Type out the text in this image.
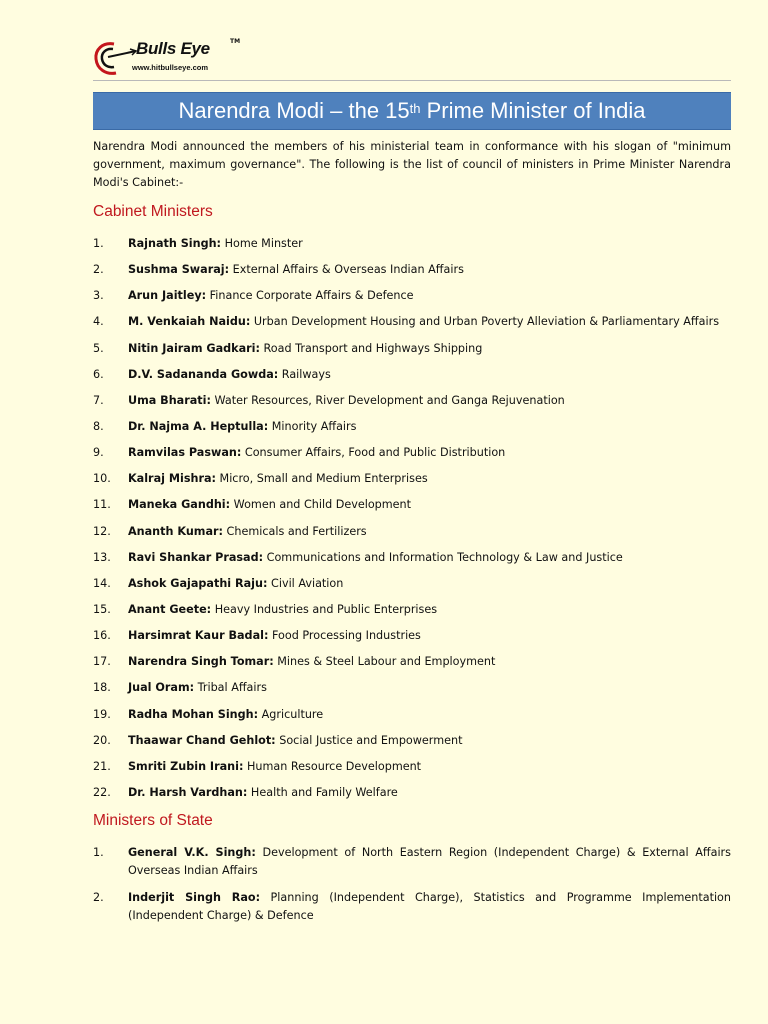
Bulls Eye	TM
www.hitbullseye.com
Narendra Modi – the 15th Prime Minister of India

Narendra Modi announced the members of his ministerial team in conformance with his slogan of "minimum government, maximum governance". The following is the list of council of ministers in Prime Minister Narendra Modi's Cabinet:-

Cabinet Ministers
1. Rajnath Singh: Home Minster
2. Sushma Swaraj: External Affairs & Overseas Indian Affairs
3. Arun Jaitley: Finance Corporate Affairs & Defence
4. M. Venkaiah Naidu: Urban Development Housing and Urban Poverty Alleviation & Parliamentary Affairs
5. Nitin Jairam Gadkari: Road Transport and Highways Shipping
6. D.V. Sadananda Gowda: Railways
7. Uma Bharati: Water Resources, River Development and Ganga Rejuvenation
8. Dr. Najma A. Heptulla: Minority Affairs
9. Ramvilas Paswan: Consumer Affairs, Food and Public Distribution
10. Kalraj Mishra: Micro, Small and Medium Enterprises
11. Maneka Gandhi: Women and Child Development
12. Ananth Kumar: Chemicals and Fertilizers
13. Ravi Shankar Prasad: Communications and Information Technology & Law and Justice
14. Ashok Gajapathi Raju: Civil Aviation
15. Anant Geete: Heavy Industries and Public Enterprises
16. Harsimrat Kaur Badal: Food Processing Industries
17. Narendra Singh Tomar: Mines & Steel Labour and Employment
18. Jual Oram: Tribal Affairs
19. Radha Mohan Singh: Agriculture
20. Thaawar Chand Gehlot: Social Justice and Empowerment
21. Smriti Zubin Irani: Human Resource Development
22. Dr. Harsh Vardhan: Health and Family Welfare
Ministers of State
1. General V.K. Singh: Development of North Eastern Region (Independent Charge) & External Affairs Overseas Indian Affairs
2. Inderjit Singh Rao: Planning (Independent Charge), Statistics and Programme Implementation (Independent Charge) & Defence
